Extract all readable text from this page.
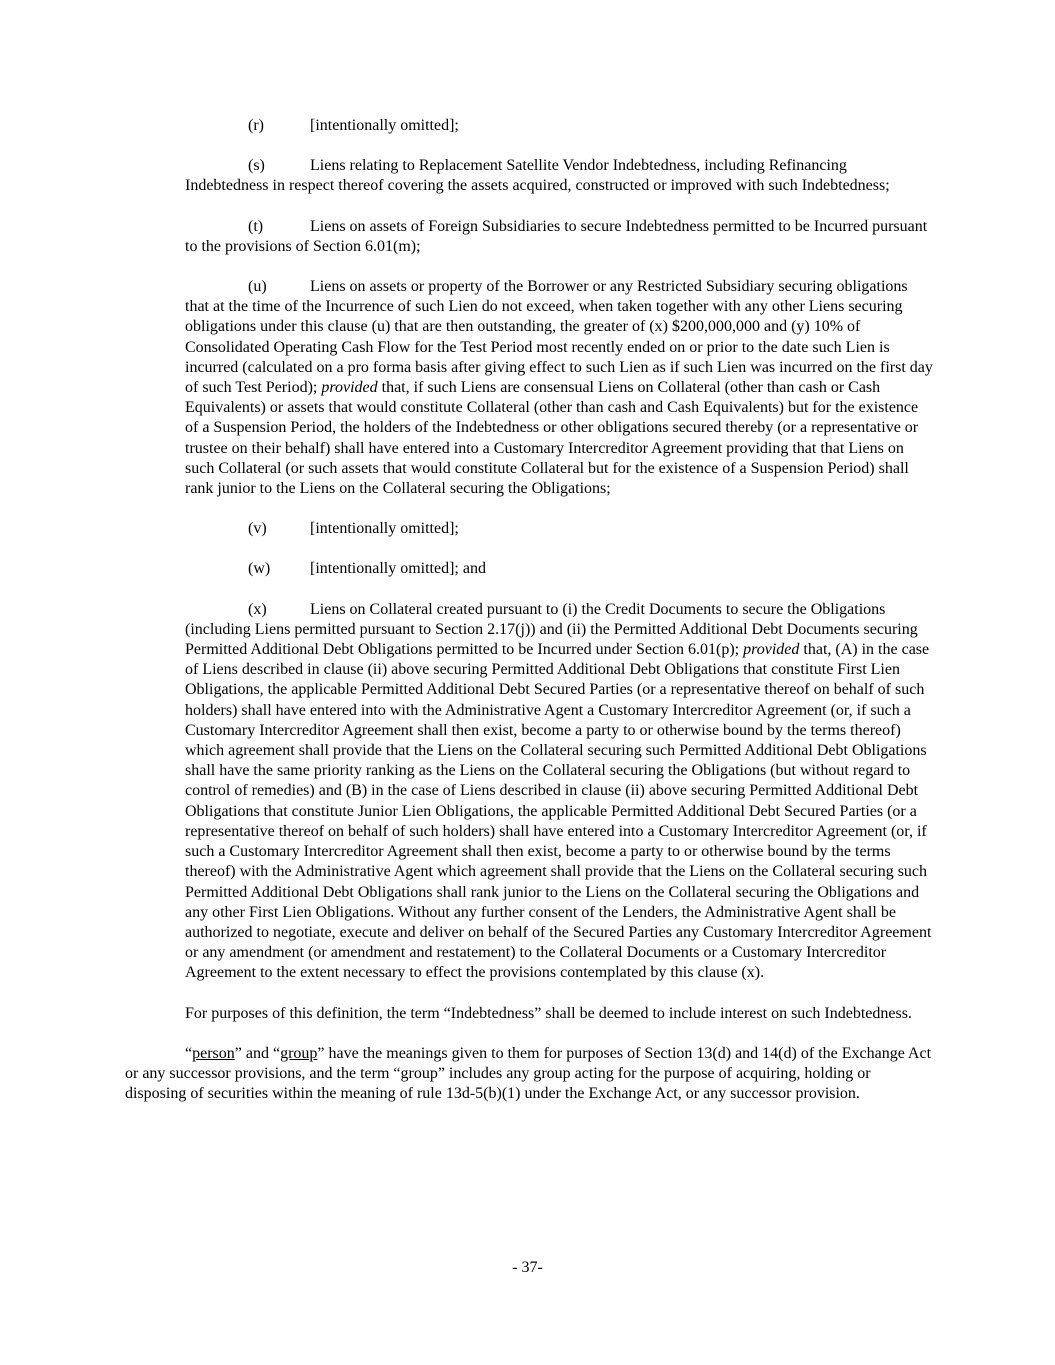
(r)	[intentionally omitted];

(s)	Liens relating to Replacement Satellite Vendor Indebtedness, including Refinancing Indebtedness in respect thereof covering the assets acquired, constructed or improved with such Indebtedness;

(t)	Liens on assets of Foreign Subsidiaries to secure Indebtedness permitted to be Incurred pursuant to the provisions of Section 6.01(m);

(u)	Liens on assets or property of the Borrower or any Restricted Subsidiary securing obligations that at the time of the Incurrence of such Lien do not exceed, when taken together with any other Liens securing obligations under this clause (u) that are then outstanding, the greater of (x) $200,000,000 and (y) 10% of Consolidated Operating Cash Flow for the Test Period most recently ended on or prior to the date such Lien is incurred (calculated on a pro forma basis after giving effect to such Lien as if such Lien was incurred on the first day of such Test Period); provided that, if such Liens are consensual Liens on Collateral (other than cash or Cash Equivalents) or assets that would constitute Collateral (other than cash and Cash Equivalents) but for the existence of a Suspension Period, the holders of the Indebtedness or other obligations secured thereby (or a representative or trustee on their behalf) shall have entered into a Customary Intercreditor Agreement providing that that Liens on such Collateral (or such assets that would constitute Collateral but for the existence of a Suspension Period) shall rank junior to the Liens on the Collateral securing the Obligations;

(v)	[intentionally omitted];

(w) [intentionally omitted]; and

(x)	Liens on Collateral created pursuant to (i) the Credit Documents to secure the Obligations (including Liens permitted pursuant to Section 2.17(j)) and (ii) the Permitted Additional Debt Documents securing Permitted Additional Debt Obligations permitted to be Incurred under Section 6.01(p); provided that, (A) in the case of Liens described in clause (ii) above securing Permitted Additional Debt Obligations that constitute First Lien Obligations, the applicable Permitted Additional Debt Secured Parties (or a representative thereof on behalf of such holders) shall have entered into with the Administrative Agent a Customary Intercreditor Agreement (or, if such a Customary Intercreditor Agreement shall then exist, become a party to or otherwise bound by the terms thereof) which agreement shall provide that the Liens on the Collateral securing such Permitted Additional Debt Obligations shall have the same priority ranking as the Liens on the Collateral securing the Obligations (but without regard to control of remedies) and (B) in the case of Liens described in clause (ii) above securing Permitted Additional Debt Obligations that constitute Junior Lien Obligations, the applicable Permitted Additional Debt Secured Parties (or a representative thereof on behalf of such holders) shall have entered into a Customary Intercreditor Agreement (or, if such a Customary Intercreditor Agreement shall then exist, become a party to or otherwise bound by the terms thereof) with the Administrative Agent which agreement shall provide that the Liens on the Collateral securing such Permitted Additional Debt Obligations shall rank junior to the Liens on the Collateral securing the Obligations and any other First Lien Obligations. Without any further consent of the Lenders, the Administrative Agent shall be authorized to negotiate, execute and deliver on behalf of the Secured Parties any Customary Intercreditor Agreement or any amendment (or amendment and restatement) to the Collateral Documents or a Customary Intercreditor Agreement to the extent necessary to effect the provisions contemplated by this clause (x).

For purposes of this definition, the term “Indebtedness” shall be deemed to include interest on such Indebtedness.

“person” and “group” have the meanings given to them for purposes of Section 13(d) and 14(d) of the Exchange Act or any successor provisions, and the term “group” includes any group acting for the purpose of acquiring, holding or disposing of securities within the meaning of rule 13d-5(b)(1) under the Exchange Act, or any successor provision.

- 37-
